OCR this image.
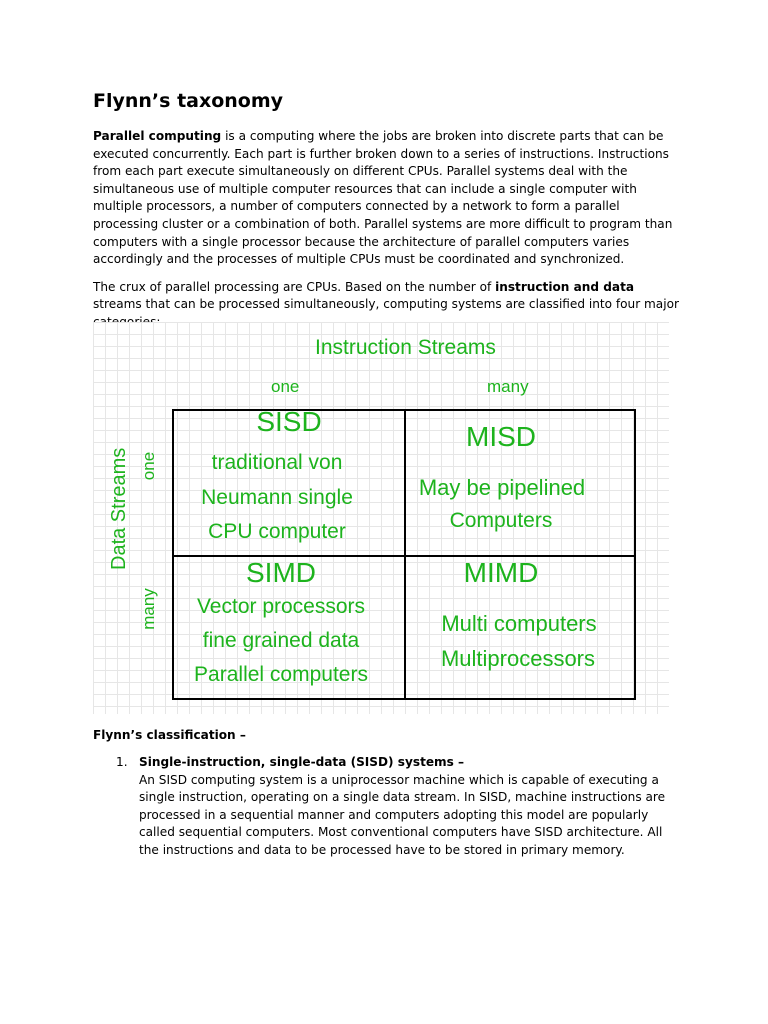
Flynn’s taxonomy

Parallel computing is a computing where the jobs are broken into discrete parts that can be executed concurrently. Each part is further broken down to a series of instructions. Instructions from each part execute simultaneously on different CPUs. Parallel systems deal with the simultaneous use of multiple computer resources that can include a single computer with multiple processors, a number of computers connected by a network to form a parallel processing cluster or a combination of both. Parallel systems are more difficult to program than computers with a single processor because the architecture of parallel computers varies accordingly and the processes of multiple CPUs must be coordinated and synchronized.

The crux of parallel processing are CPUs. Based on the number of instruction and data streams that can be processed simultaneously, computing systems are classified into four major

Instruction Streams
one	many
Data Streams one
many
SISD
traditional von
Neumann single
CPU computer
MISD
May be pipelined
Computers
SIMD
Vector processors
fine grained data
Parallel computers
MIMD
Multi computers
Multiprocessors
Flynn’s classification –
1. Single-instruction, single-data (SISD) systems –
An SISD computing system is a uniprocessor machine which is capable of executing a single instruction, operating on a single data stream. In SISD, machine instructions are processed in a sequential manner and computers adopting this model are popularly called sequential computers. Most conventional computers have SISD architecture. All the instructions and data to be processed have to be stored in primary memory.
